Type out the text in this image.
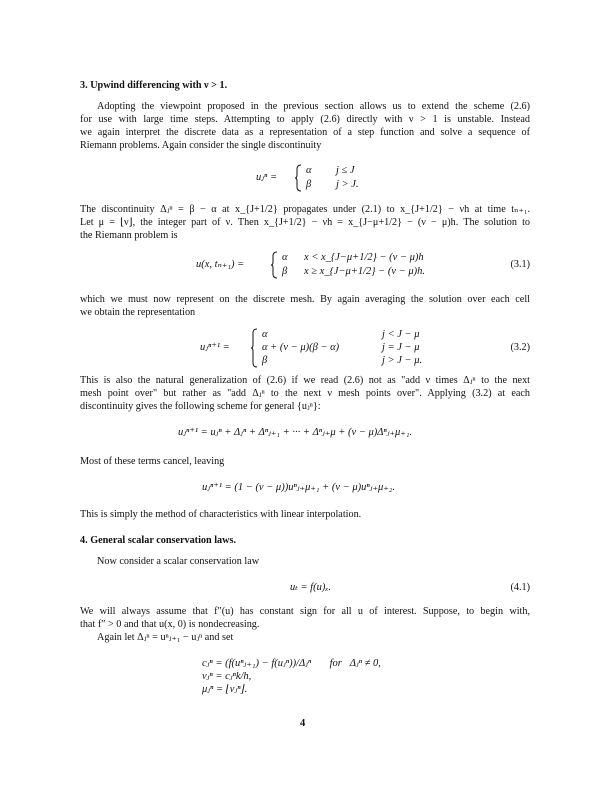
3. Upwind differencing with ν > 1.
Adopting the viewpoint proposed in the previous section allows us to extend the scheme (2.6)
for use with large time steps. Attempting to apply (2.6) directly with ν > 1 is unstable. Instead
we again interpret the discrete data as a representation of a step function and solve a sequence of
Riemann problems. Again consider the single discontinuity
uⱼⁿ =
α j ≤ J
β j > J.
The discontinuity Δⱼⁿ = β − α at x_{J+1/2} propagates under (2.1) to x_{J+1/2} − νh at time tₙ₊₁.
Let μ = ⌊ν⌋, the integer part of ν. Then x_{J+1/2} − νh = x_{J−μ+1/2} − (ν − μ)h. The solution to
the Riemann problem is
u(x, tₙ₊₁) =
α x < x_{J−μ+1/2} − (ν − μ)h
β x ≥ x_{J−μ+1/2} − (ν − μ)h.
(3.1)
which we must now represent on the discrete mesh. By again averaging the solution over each cell
we obtain the representation
uⱼⁿ⁺¹ =
α	j < J − μ
α + (ν − μ)(β − α)	j = J − μ
β	j > J − μ.
(3.2)
This is also the natural generalization of (2.6) if we read (2.6) not as "add ν times Δⱼⁿ to the next
mesh point over" but rather as "add Δⱼⁿ to the next ν mesh points over". Applying (3.2) at each
discontinuity gives the following scheme for general {uⱼⁿ}:
uⱼⁿ⁺¹ = uⱼⁿ + Δⱼⁿ + Δⁿⱼ₊₁ + ··· + Δⁿⱼ₊μ + (ν − μ)Δⁿⱼ₊μ₊₁.
Most of these terms cancel, leaving
uⱼⁿ⁺¹ = (1 − (ν − μ))uⁿⱼ₊μ₊₁ + (ν − μ)uⁿⱼ₊μ₊₂.
This is simply the method of characteristics with linear interpolation.
4. General scalar conservation laws.
Now consider a scalar conservation law
uₜ = f(u)ₓ.	(4.1)
We will always assume that f″(u) has constant sign for all u of interest. Suppose, to begin with,
that f″ > 0 and that u(x, 0) is nondecreasing.
Again let Δⱼⁿ = uⁿⱼ₊₁ − uⱼⁿ and set
cⱼⁿ = (f(uⁿⱼ₊₁) − f(uⱼⁿ))/Δⱼⁿ       for   Δⱼⁿ ≠ 0,
νⱼⁿ = cⱼⁿk/h,
μⱼⁿ = ⌊νⱼⁿ⌋.
4
